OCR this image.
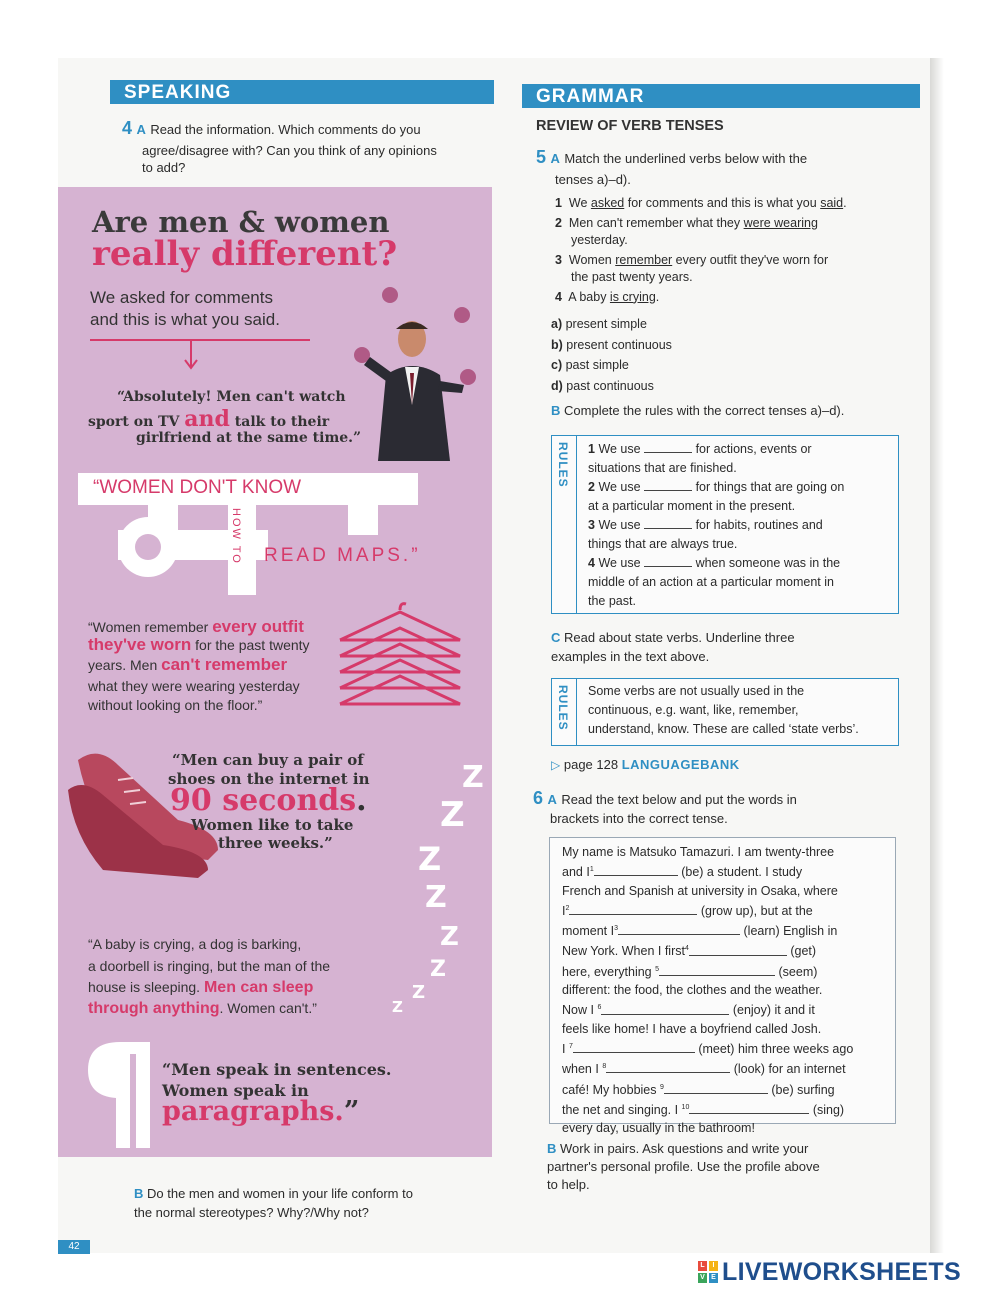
SPEAKING
4 A Read the information. Which comments do you
agree/disagree with? Can you think of any opinions
to add?
Are men & women
really different?
We asked for comments
and this is what you said.
“Absolutely! Men can't watch
sport on TV and talk to their
girlfriend at the same time.”
“WOMEN DON'T KNOW
HOW TO READ MAPS.”
“Women remember every outfit
they've worn for the past twenty
years. Men can't remember
what they were wearing yesterday
without looking on the floor.”
“Men can buy a pair of
shoes on the internet in
90 seconds.
Women like to take
three weeks.”
Z
Z
Z
Z
Z
Z
Z
Z
“A baby is crying, a dog is barking,
a doorbell is ringing, but the man of the
house is sleeping. Men can sleep
through anything. Women can't.”
“Men speak in sentences.
Women speak in
paragraphs.”
B Do the men and women in your life conform to
the normal stereotypes? Why?/Why not?
42
GRAMMAR
REVIEW OF VERB TENSES
5 A Match the underlined verbs below with the
tenses a)–d).
1 We asked for comments and this is what you said.
2 Men can't remember what they were wearing
yesterday.
3 Women remember every outfit they've worn for
the past twenty years.
4 A baby is crying.
a) present simple
b) present continuous
c) past simple
d) past continuous
B Complete the rules with the correct tenses a)–d).
RULES 1 We use	for actions, events or
situations that are finished.
2 We use	for things that are going on
at a particular moment in the present.
3 We use	for habits, routines and
things that are always true.
4 We use	when someone was in the
middle of an action at a particular moment in
the past.
C Read about state verbs. Underline three
examples in the text above.
RULES Some verbs are not usually used in the
continuous, e.g. want, like, remember,
understand, know. These are called ‘state verbs’.
▷ page 128 LANGUAGEBANK
6 A Read the text below and put the words in
brackets into the correct tense.
My name is Matsuko Tamazuri. I am twenty-three
and $I^1$	(be) a student. I study
French and Spanish at university in Osaka, where
$I^2$	(grow up), but at the
moment $I^3$	(learn) English in
New York. When I first$^4$	(get)
here, everything $^5$	(seem)
different: the food, the clothes and the weather.
Now I $^6$	(enjoy) it and it
feels like home! I have a boyfriend called Josh.
I $^7$	(meet) him three weeks ago
when I $^8$	(look) for an internet
café! My hobbies $^9$	(be) surfing
the net and singing. I $^{10}$	(sing)
every day, usually in the bathroom!
B Work in pairs. Ask questions and write your
partner's personal profile. Use the profile above
to help.
L	I
V E LIVEWORKSHEETS
